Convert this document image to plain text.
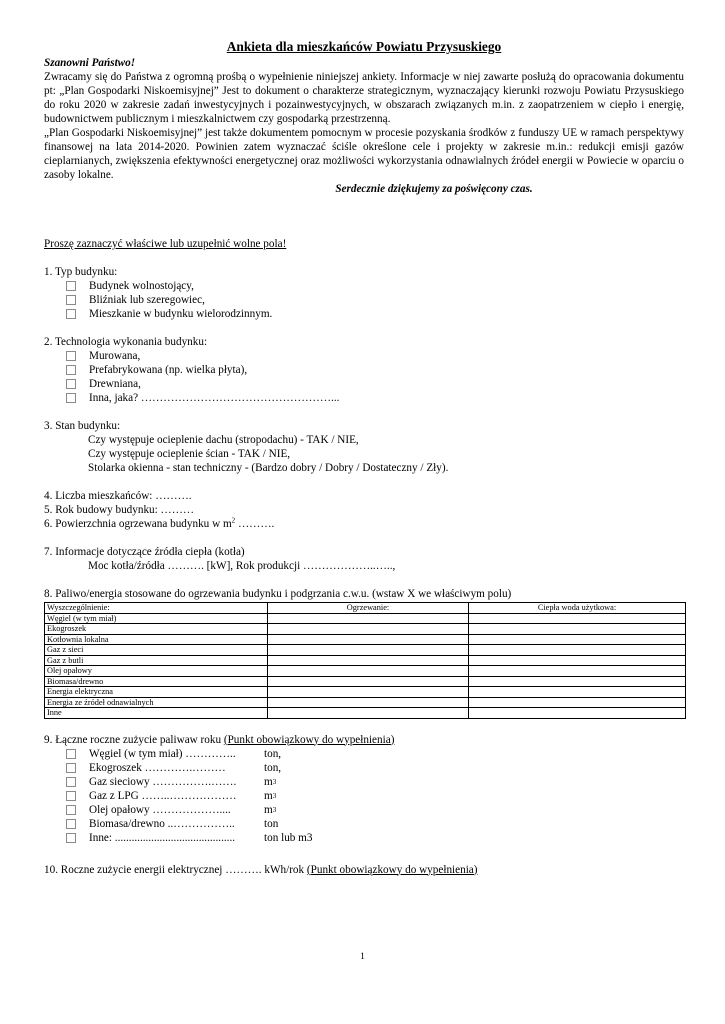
Ankieta dla mieszkańców Powiatu Przysuskiego
Szanowni Państwo!
Zwracamy się do Państwa z ogromną prośbą o wypełnienie niniejszej ankiety. Informacje w niej zawarte posłużą do opracowania dokumentu pt: „Plan Gospodarki Niskoemisyjnej” Jest to dokument o charakterze strategicznym, wyznaczający kierunki rozwoju Powiatu Przysuskiego do roku 2020 w zakresie zadań inwestycyjnych i pozainwestycyjnych, w obszarach związanych m.in. z zaopatrzeniem w ciepło i energię, budownictwem publicznym i mieszkalnictwem czy gospodarką przestrzenną.
„Plan Gospodarki Niskoemisyjnej” jest także dokumentem pomocnym w procesie pozyskania środków z funduszy UE w ramach perspektywy finansowej na lata 2014-2020. Powinien zatem wyznaczać ściśle określone cele i projekty w zakresie m.in.: redukcji emisji gazów cieplarnianych, zwiększenia efektywności energetycznej oraz możliwości wykorzystania odnawialnych źródeł energii w Powiecie w oparciu o zasoby lokalne.
Serdecznie dziękujemy za poświęcony czas.
Proszę zaznaczyć właściwe lub uzupełnić wolne pola!
1. Typ budynku:
Budynek wolnostojący,
Bliźniak lub szeregowiec,
Mieszkanie w budynku wielorodzinnym.
2. Technologia wykonania budynku:
Murowana,
Prefabrykowana (np. wielka płyta),
Drewniana,
Inna, jaka? ……………………………………………...
3. Stan budynku:
Czy występuje ocieplenie dachu (stropodachu) - TAK / NIE,
Czy występuje ocieplenie ścian - TAK / NIE,
Stolarka okienna - stan techniczny - (Bardzo dobry / Dobry / Dostateczny / Zły).
4. Liczba mieszkańców: ……….
5. Rok budowy budynku: ………
6. Powierzchnia ogrzewana budynku w $m^2$ ……….
7. Informacje dotyczące źródła ciepła (kotła)
Moc kotła/źródła ………. [kW], Rok produkcji ………………..…..,
8. Paliwo/energia stosowane do ogrzewania budynku i podgrzania c.w.u. (wstaw X we właściwym polu)
Wyszczególnienie:	Ogrzewanie:	Ciepła woda użytkowa:
Węgiel (w tym miał)		
Ekogroszek		
Kotłownia lokalna		
Gaz z sieci		
Gaz z butli		
Olej opałowy		
Biomasa/drewno		
Energia elektryczna		
Energia ze źródeł odnawialnych		
Inne		
9. Łączne roczne zużycie paliwaw roku (Punkt obowiązkowy do wypełnienia)
Węgiel (w tym miał) …………..	ton,
Ekogroszek ………….………	ton,
Gaz sieciowy …………….…….	m 3
Gaz z LPG ……..………………	m 3
Olej opałowy ………………....	m 3
Biomasa/drewno ..……………..	ton
Inne: ...........................................	ton lub m3
10. Roczne zużycie energii elektrycznej ………. kWh/rok (Punkt obowiązkowy do wypełnienia)
1
